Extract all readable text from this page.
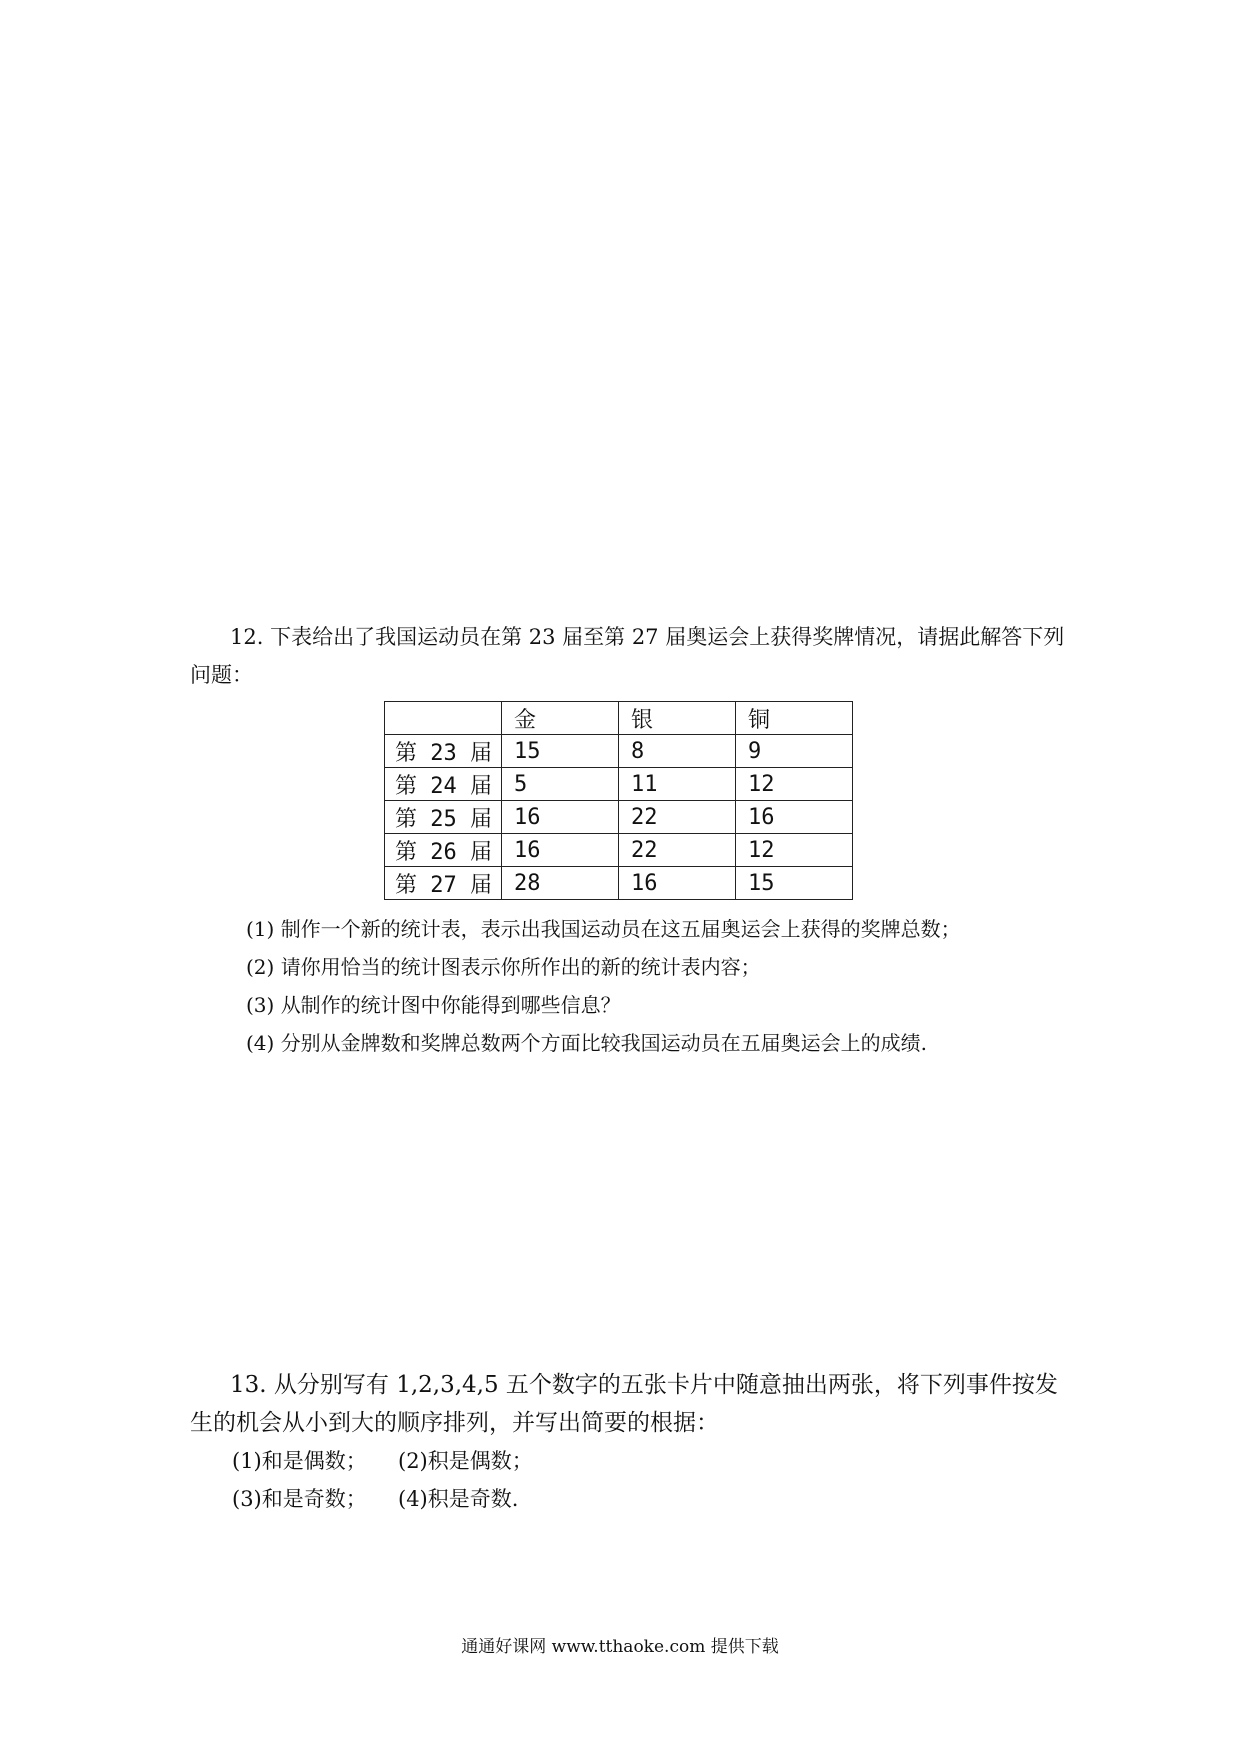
12. 下表给出了我国运动员在第 23 届至第 27 届奥运会上获得奖牌情况，请据此解答下列问题：

	金	银	铜
第 23 届	15	8	9
第 24 届	5	11	12
第 25 届	16	22	16
第 26 届	16	22	12
第 27 届	28	16	15
(1) 制作一个新的统计表，表示出我国运动员在这五届奥运会上获得的奖牌总数；
(2) 请你用恰当的统计图表示你所作出的新的统计表内容；
(3) 从制作的统计图中你能得到哪些信息？
(4) 分别从金牌数和奖牌总数两个方面比较我国运动员在五届奥运会上的成绩.

13. 从分别写有 1,2,3,4,5 五个数字的五张卡片中随意抽出两张，将下列事件按发生的机会从小到大的顺序排列，并写出简要的根据：

(1)和是偶数； (2)积是偶数；
(3)和是奇数； (4)积是奇数.
通通好课网 www.tthaoke.com 提供下载
